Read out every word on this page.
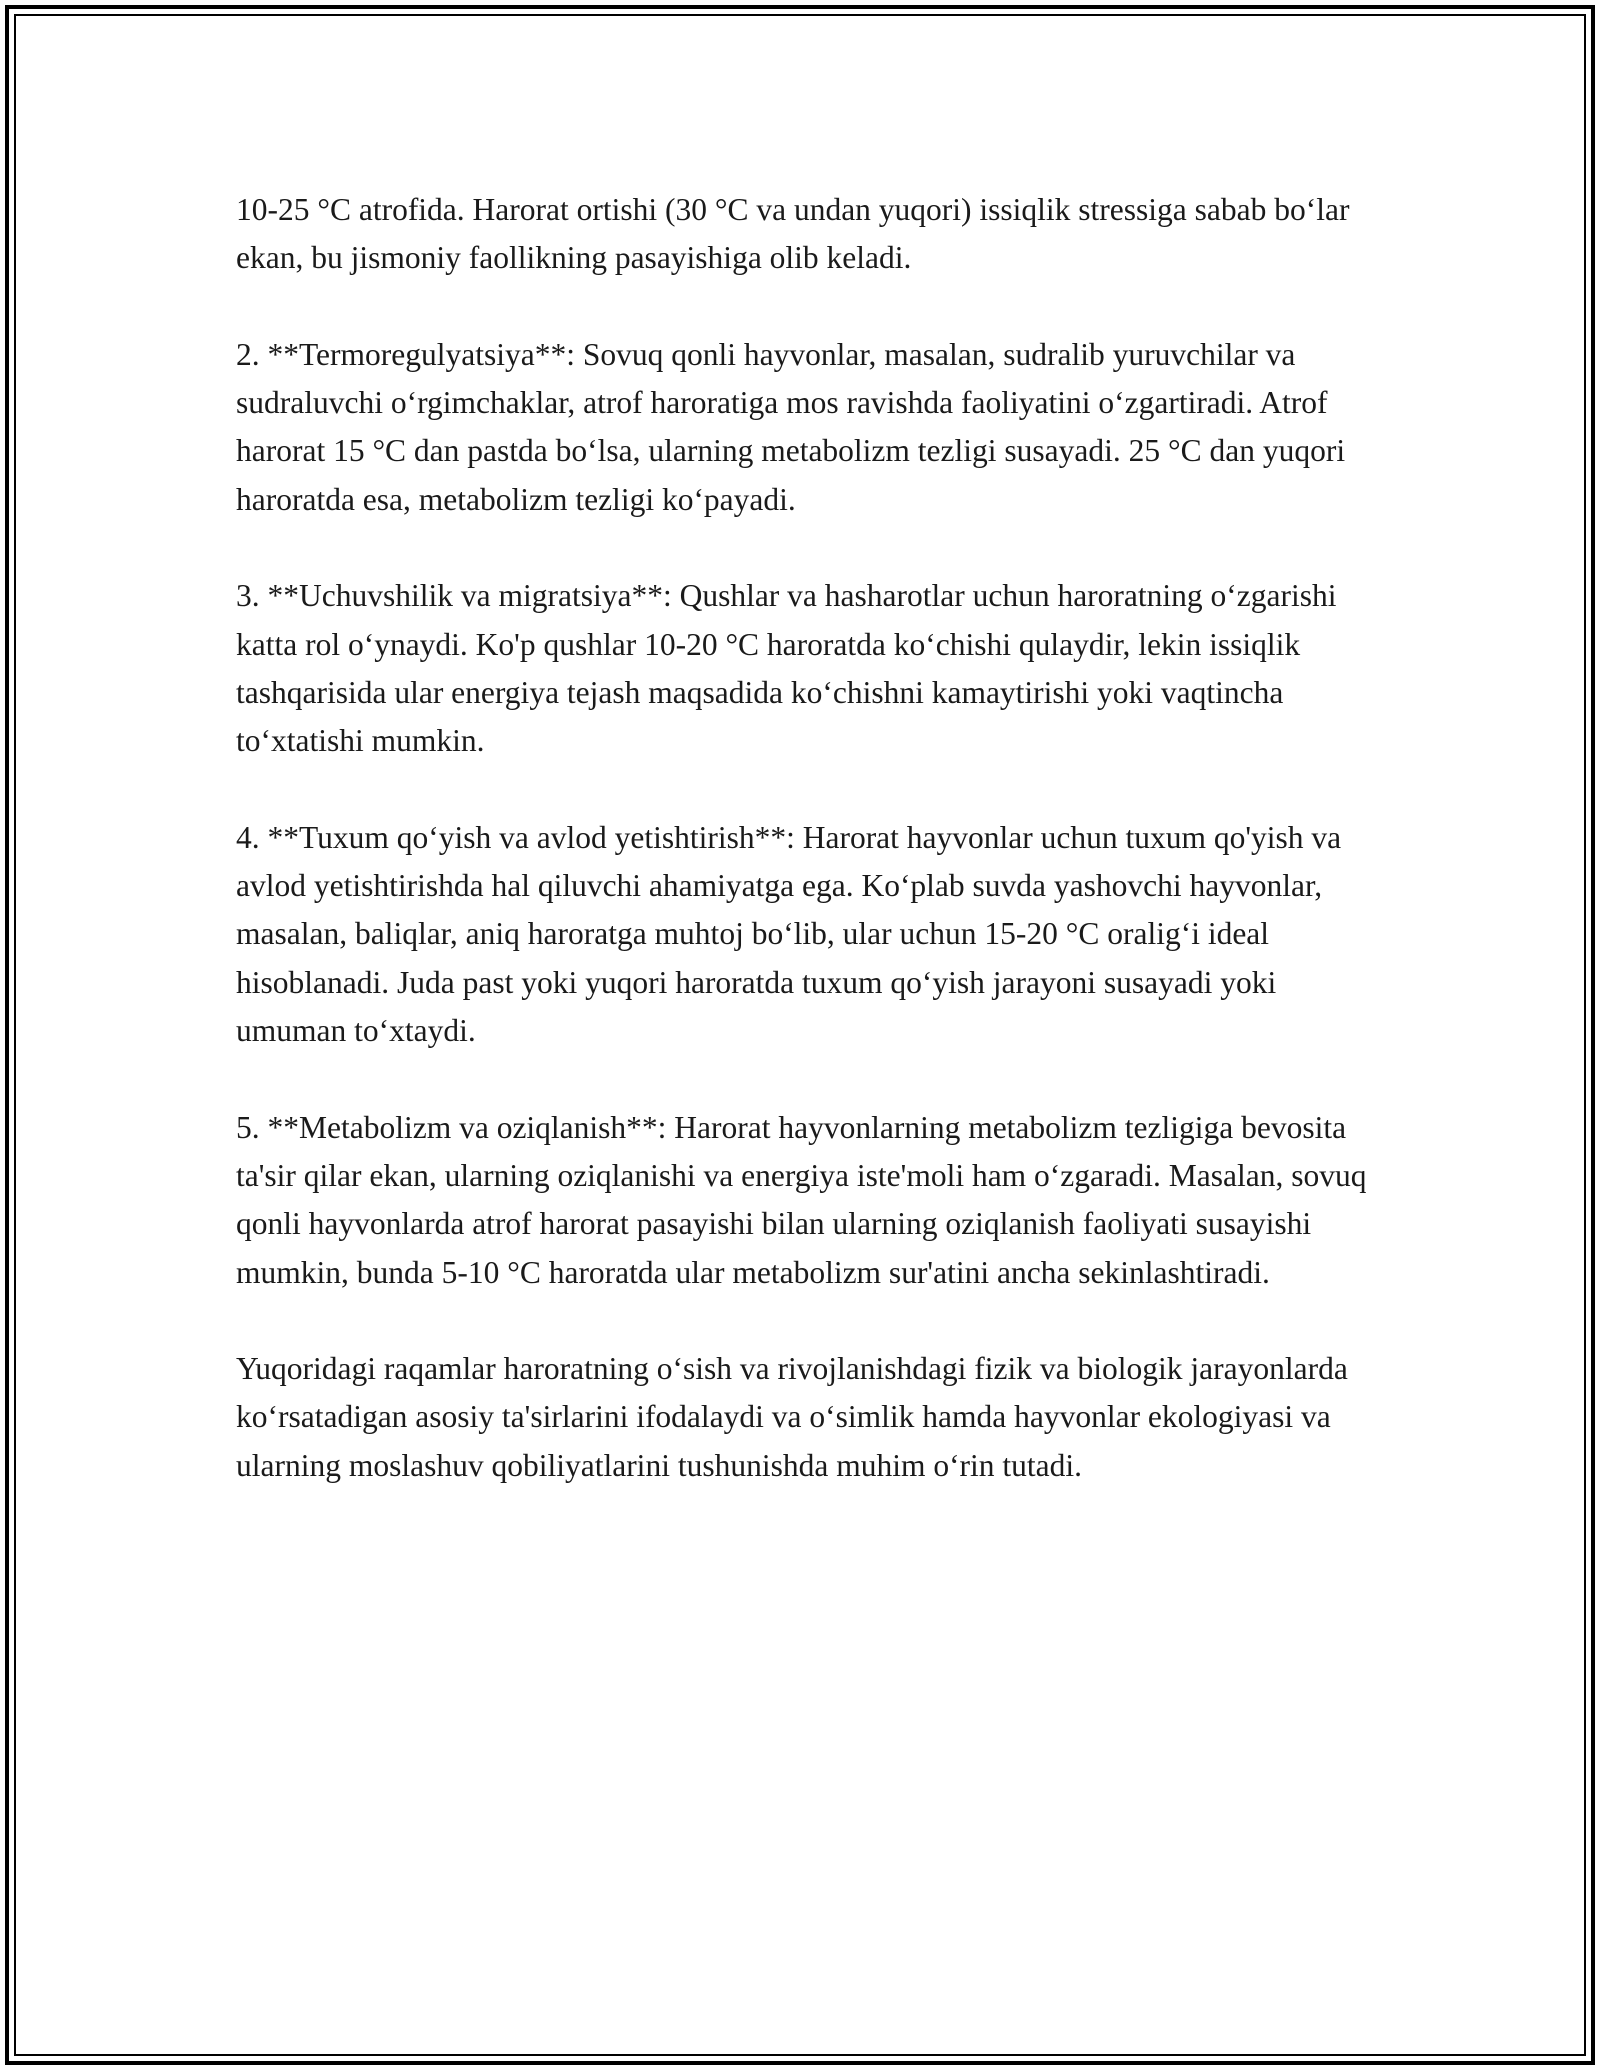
10-25 °C atrofida. Harorat ortishi (30 °C va undan yuqori) issiqlik stressiga sabab bo‘lar ekan, bu jismoniy faollikning pasayishiga olib keladi.

2. **Termoregulyatsiya**: Sovuq qonli hayvonlar, masalan, sudralib yuruvchilar va sudraluvchi o‘rgimchaklar, atrof haroratiga mos ravishda faoliyatini o‘zgartiradi. Atrof harorat 15 °C dan pastda bo‘lsa, ularning metabolizm tezligi susayadi. 25 °C dan yuqori haroratda esa, metabolizm tezligi ko‘payadi.

3. **Uchuvshilik va migratsiya**: Qushlar va hasharotlar uchun haroratning o‘zgarishi katta rol o‘ynaydi. Ko'p qushlar 10-20 °C haroratda ko‘chishi qulaydir, lekin issiqlik tashqarisida ular energiya tejash maqsadida ko‘chishni kamaytirishi yoki vaqtincha to‘xtatishi mumkin.

4. **Tuxum qo‘yish va avlod yetishtirish**: Harorat hayvonlar uchun tuxum qo'yish va avlod yetishtirishda hal qiluvchi ahamiyatga ega. Ko‘plab suvda yashovchi hayvonlar, masalan, baliqlar, aniq haroratga muhtoj bo‘lib, ular uchun 15-20 °C oralig‘i ideal hisoblanadi. Juda past yoki yuqori haroratda tuxum qo‘yish jarayoni susayadi yoki umuman to‘xtaydi.

5. **Metabolizm va oziqlanish**: Harorat hayvonlarning metabolizm tezligiga bevosita ta'sir qilar ekan, ularning oziqlanishi va energiya iste'moli ham o‘zgaradi. Masalan, sovuq qonli hayvonlarda atrof harorat pasayishi bilan ularning oziqlanish faoliyati susayishi mumkin, bunda 5-10 °C haroratda ular metabolizm sur'atini ancha sekinlashtiradi.

Yuqoridagi raqamlar haroratning o‘sish va rivojlanishdagi fizik va biologik jarayonlarda ko‘rsatadigan asosiy ta'sirlarini ifodalaydi va o‘simlik hamda hayvonlar ekologiyasi va ularning moslashuv qobiliyatlarini tushunishda muhim o‘rin tutadi.
